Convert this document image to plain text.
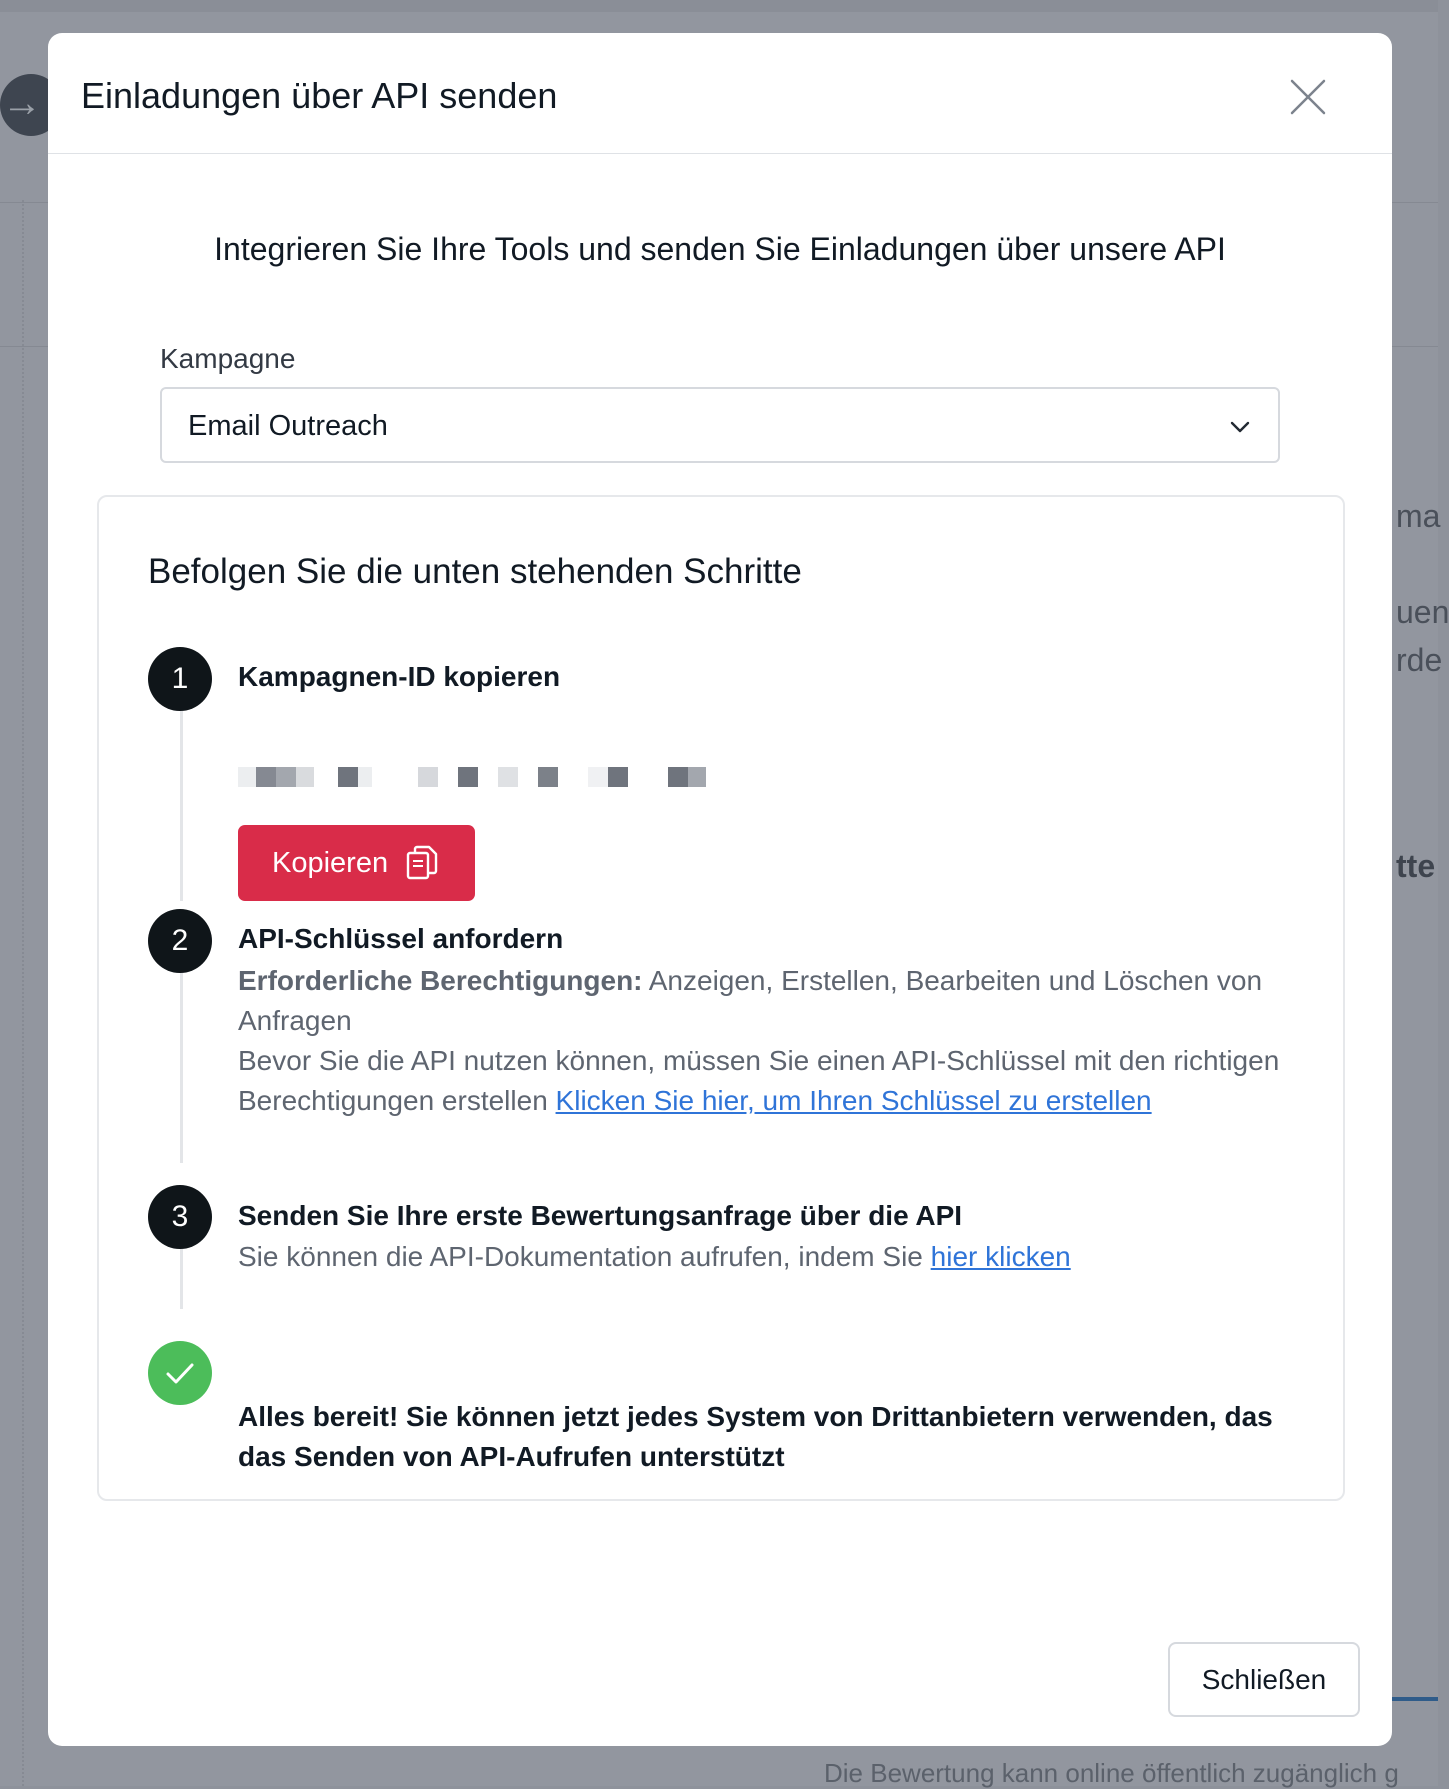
→
ma
uen
rde
tte
Die Bewertung kann online öffentlich zugänglich g
Einladungen über API senden
Integrieren Sie Ihre Tools und senden Sie Einladungen über unsere API
Kampagne
Email Outreach
Befolgen Sie die unten stehenden Schritte
1	Kampagnen-ID kopieren
Kopieren
2	API-Schlüssel anfordern
Erforderliche Berechtigungen: Anzeigen, Erstellen, Bearbeiten und Löschen von Anfragen
Bevor Sie die API nutzen können, müssen Sie einen API-Schlüssel mit den richtigen Berechtigungen erstellen Klicken Sie hier, um Ihren Schlüssel zu erstellen
3	Senden Sie Ihre erste Bewertungsanfrage über die API
Sie können die API-Dokumentation aufrufen, indem Sie hier klicken
Alles bereit! Sie können jetzt jedes System von Drittanbietern verwenden, das das Senden von API-Aufrufen unterstützt
Schließen
